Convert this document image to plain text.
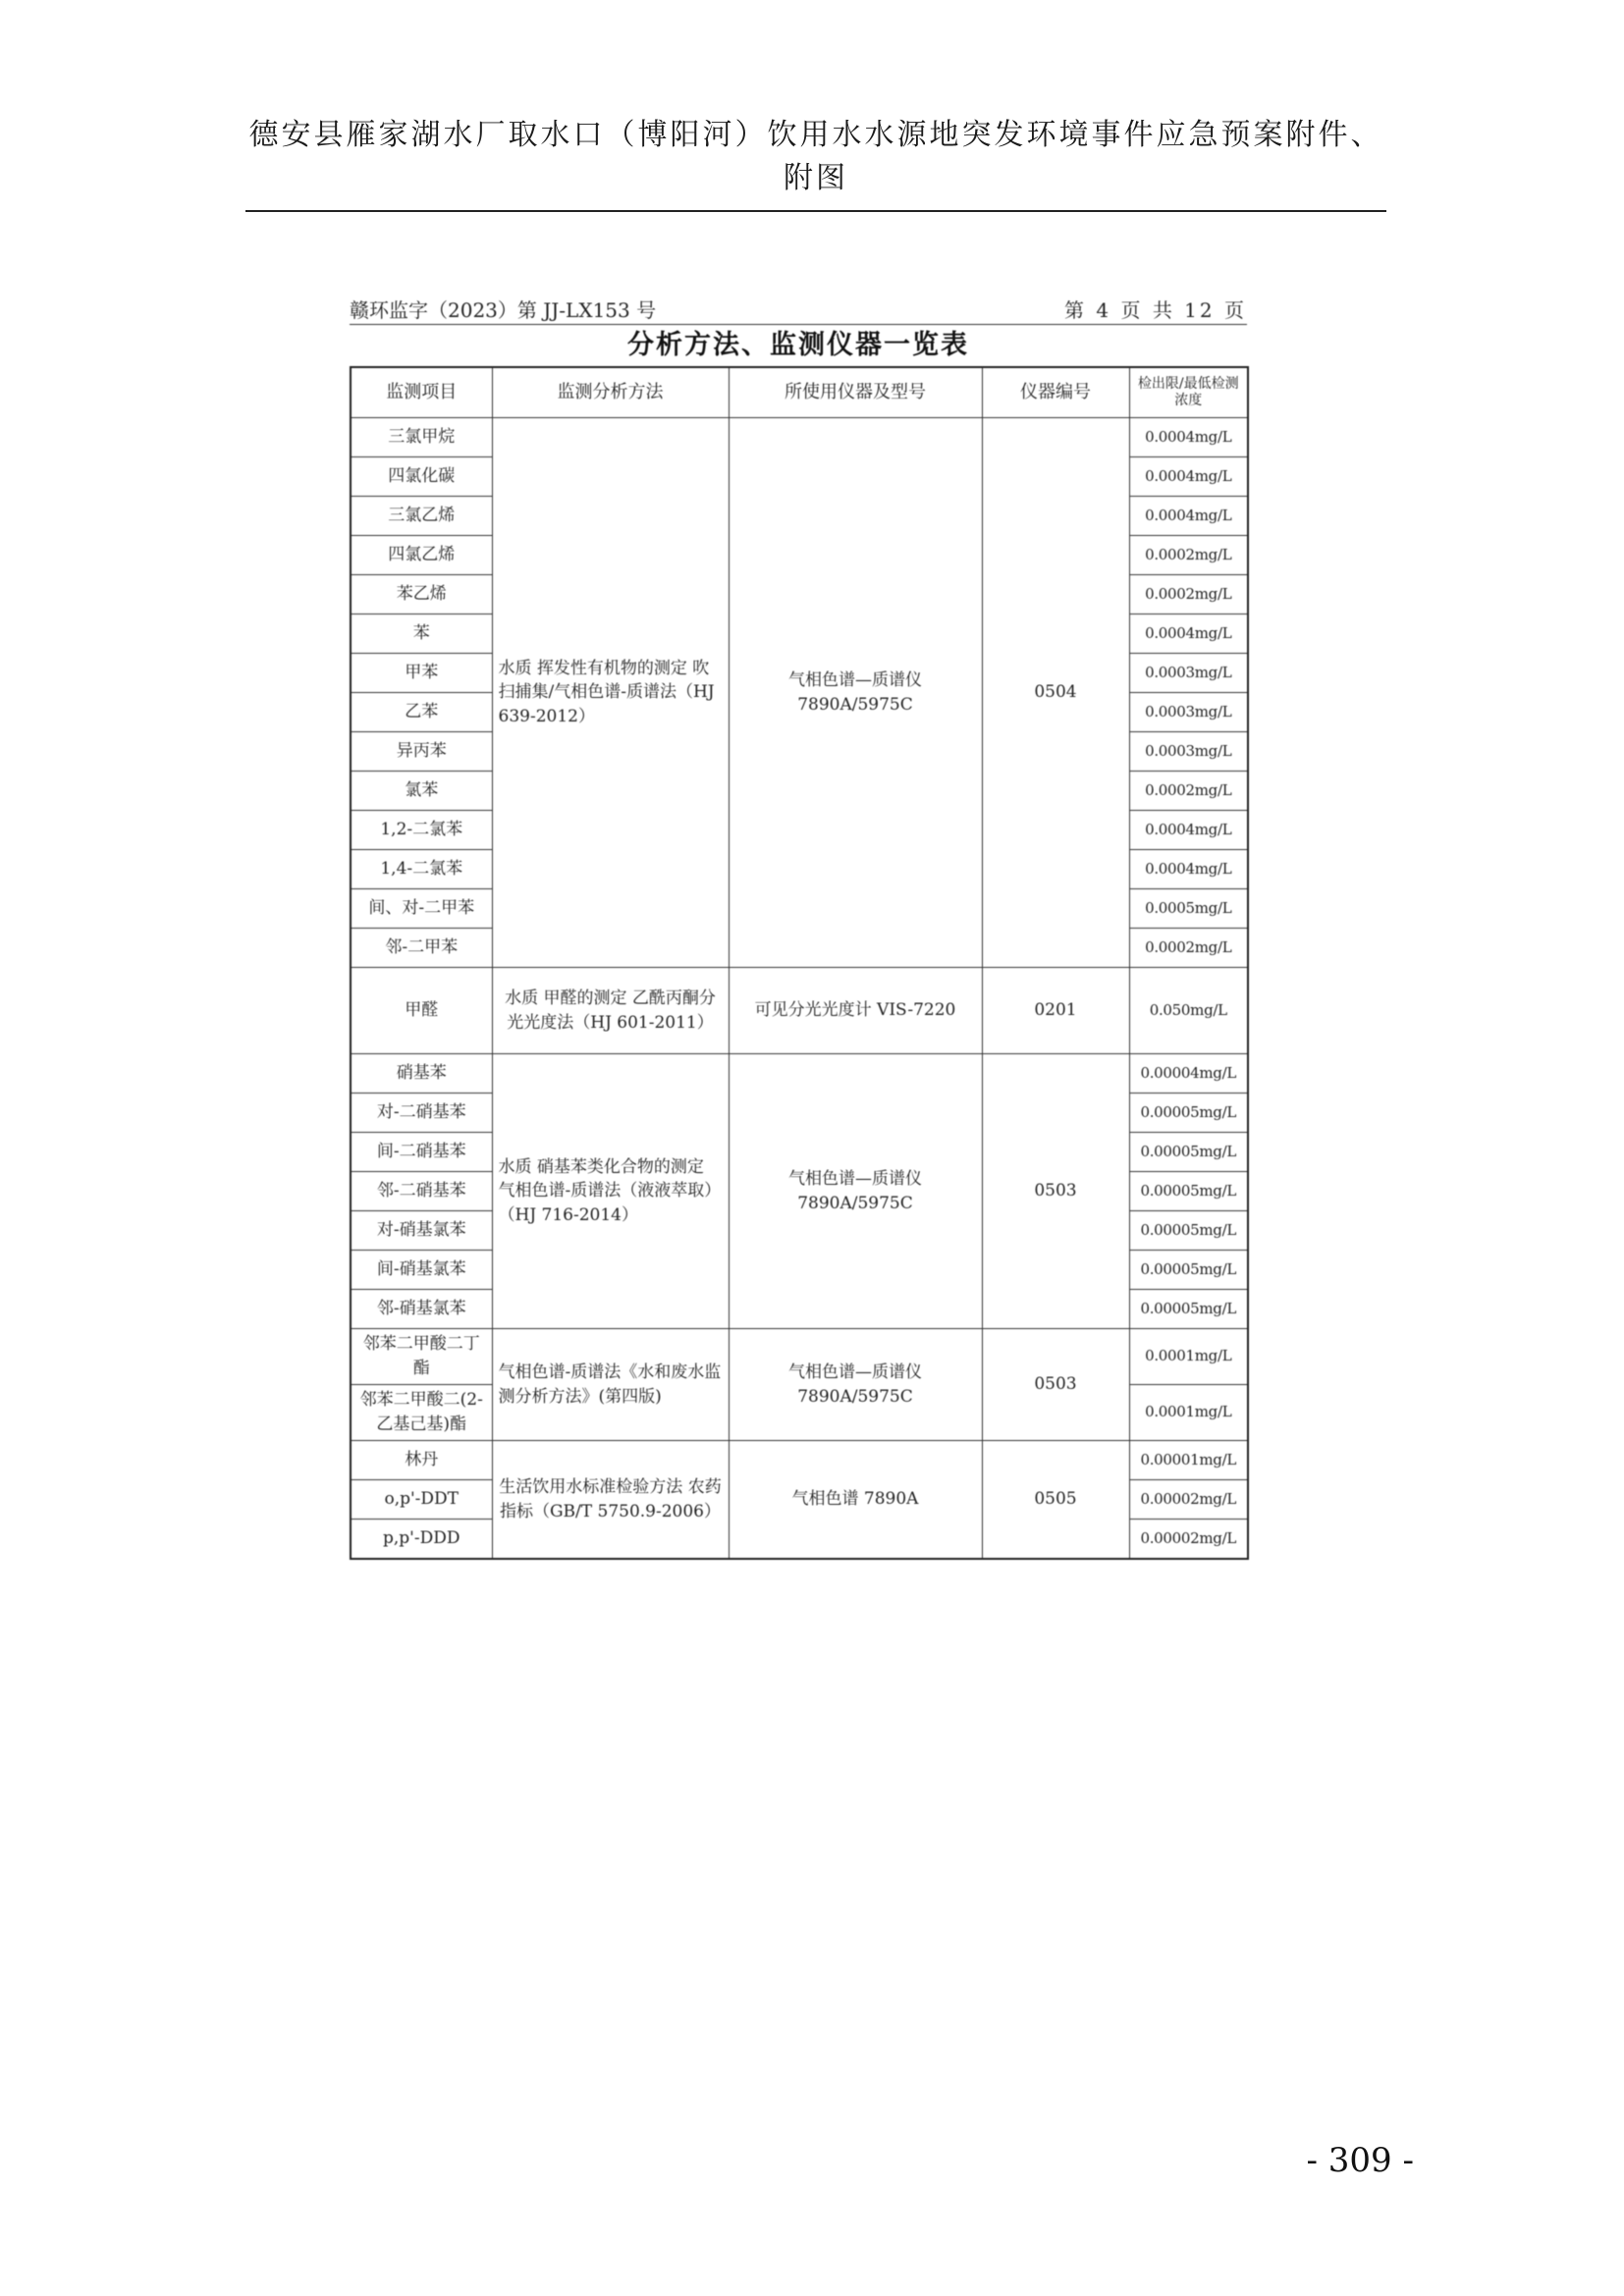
德安县雁家湖水厂取水口（博阳河）饮用水水源地突发环境事件应急预案附件、附图
赣环监字（2023）第 JJ-LX153 号	第 4 页 共 12 页
分析方法、监测仪器一览表
监测项目	监测分析方法	所使用仪器及型号	仪器编号	检出限/最低检测浓度
三氯甲烷	水质 挥发性有机物的测定 吹扫捕集/气相色谱-质谱法（HJ 639-2012）	气相色谱—质谱仪 7890A/5975C	0504	0.0004mg/L
四氯化碳				0.0004mg/L
三氯乙烯				0.0004mg/L
四氯乙烯				0.0002mg/L
苯乙烯				0.0002mg/L
苯				0.0004mg/L
甲苯				0.0003mg/L
乙苯				0.0003mg/L
异丙苯				0.0003mg/L
氯苯				0.0002mg/L
1,2-二氯苯				0.0004mg/L
1,4-二氯苯				0.0004mg/L
间、对-二甲苯				0.0005mg/L
邻-二甲苯				0.0002mg/L
甲醛	水质 甲醛的测定 乙酰丙酮分光光度法（HJ 601-2011）	可见分光光度计 VIS-7220	0201	0.050mg/L
硝基苯	水质 硝基苯类化合物的测定 气相色谱-质谱法（液液萃取）（HJ 716-2014）	气相色谱—质谱仪 7890A/5975C	0503	0.00004mg/L
对-二硝基苯				0.00005mg/L
间-二硝基苯				0.00005mg/L
邻-二硝基苯				0.00005mg/L
对-硝基氯苯				0.00005mg/L
间-硝基氯苯				0.00005mg/L
邻-硝基氯苯				0.00005mg/L
邻苯二甲酸二丁酯	气相色谱-质谱法《水和废水监测分析方法》(第四版)	气相色谱—质谱仪 7890A/5975C	0503	0.0001mg/L
邻苯二甲酸二(2-乙基己基)酯				0.0001mg/L
林丹	生活饮用水标准检验方法 农药指标（GB/T 5750.9-2006）	气相色谱 7890A	0505	0.00001mg/L
o,p'-DDT				0.00002mg/L
p,p'-DDD				0.00002mg/L
- 309 -
